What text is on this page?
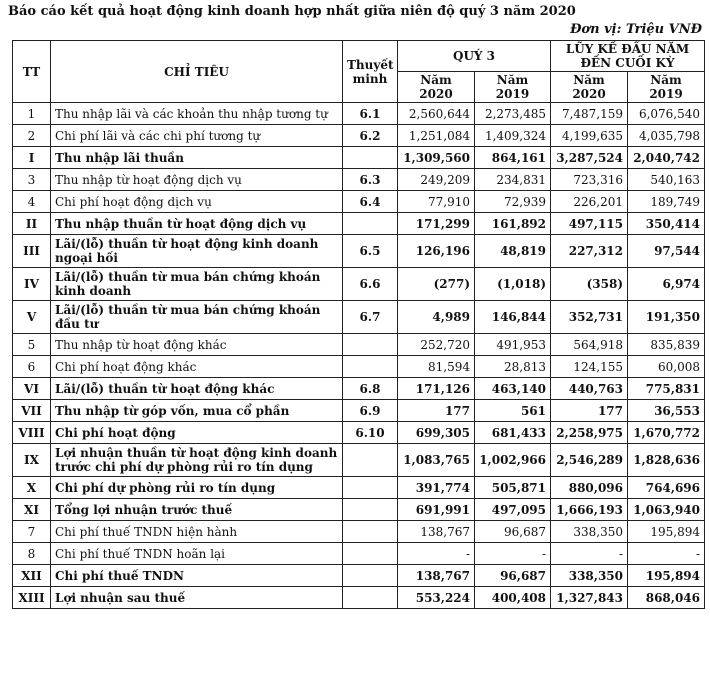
Báo cáo kết quả hoạt động kinh doanh hợp nhất giữa niên độ quý 3 năm 2020
Đơn vị: Triệu VNĐ
TT	CHỈ TIÊU	Thuyết minh	QUÝ 3		LŨY KẾ ĐẦU NĂM ĐẾN CUỐI KỲ	
			Năm 2020	Năm 2019	Năm 2020	Năm 2019
1	Thu nhập lãi và các khoản thu nhập tương tự	6.1	2,560,644	2,273,485	7,487,159	6,076,540
2	Chi phí lãi và các chi phí tương tự	6.2	1,251,084	1,409,324	4,199,635	4,035,798
I	Thu nhập lãi thuần		1,309,560	864,161	3,287,524	2,040,742
3	Thu nhập từ hoạt động dịch vụ	6.3	249,209	234,831	723,316	540,163
4	Chi phí hoạt động dịch vụ	6.4	77,910	72,939	226,201	189,749
II	Thu nhập thuần từ hoạt động dịch vụ		171,299	161,892	497,115	350,414
III	Lãi/(lỗ) thuần từ hoạt động kinh doanh ngoại hối	6.5	126,196	48,819	227,312	97,544
IV	Lãi/(lỗ) thuần từ mua bán chứng khoán kinh doanh	6.6	(277)	(1,018)	(358)	6,974
V	Lãi/(lỗ) thuần từ mua bán chứng khoán đầu tư	6.7	4,989	146,844	352,731	191,350
5	Thu nhập từ hoạt động khác		252,720	491,953	564,918	835,839
6	Chi phí hoạt động khác		81,594	28,813	124,155	60,008
VI	Lãi/(lỗ) thuần từ hoạt động khác	6.8	171,126	463,140	440,763	775,831
VII	Thu nhập từ góp vốn, mua cổ phần	6.9	177	561	177	36,553
VIII	Chi phí hoạt động	6.10	699,305	681,433	2,258,975	1,670,772
IX	Lợi nhuận thuần từ hoạt động kinh doanh trước chi phí dự phòng rủi ro tín dụng		1,083,765	1,002,966	2,546,289	1,828,636
X	Chi phí dự phòng rủi ro tín dụng		391,774	505,871	880,096	764,696
XI	Tổng lợi nhuận trước thuế		691,991	497,095	1,666,193	1,063,940
7	Chi phí thuế TNDN hiện hành		138,767	96,687	338,350	195,894
8	Chi phí thuế TNDN hoãn lại		-	-	-	-
XII	Chi phí thuế TNDN		138,767	96,687	338,350	195,894
XIII	Lợi nhuận sau thuế		553,224	400,408	1,327,843	868,046
